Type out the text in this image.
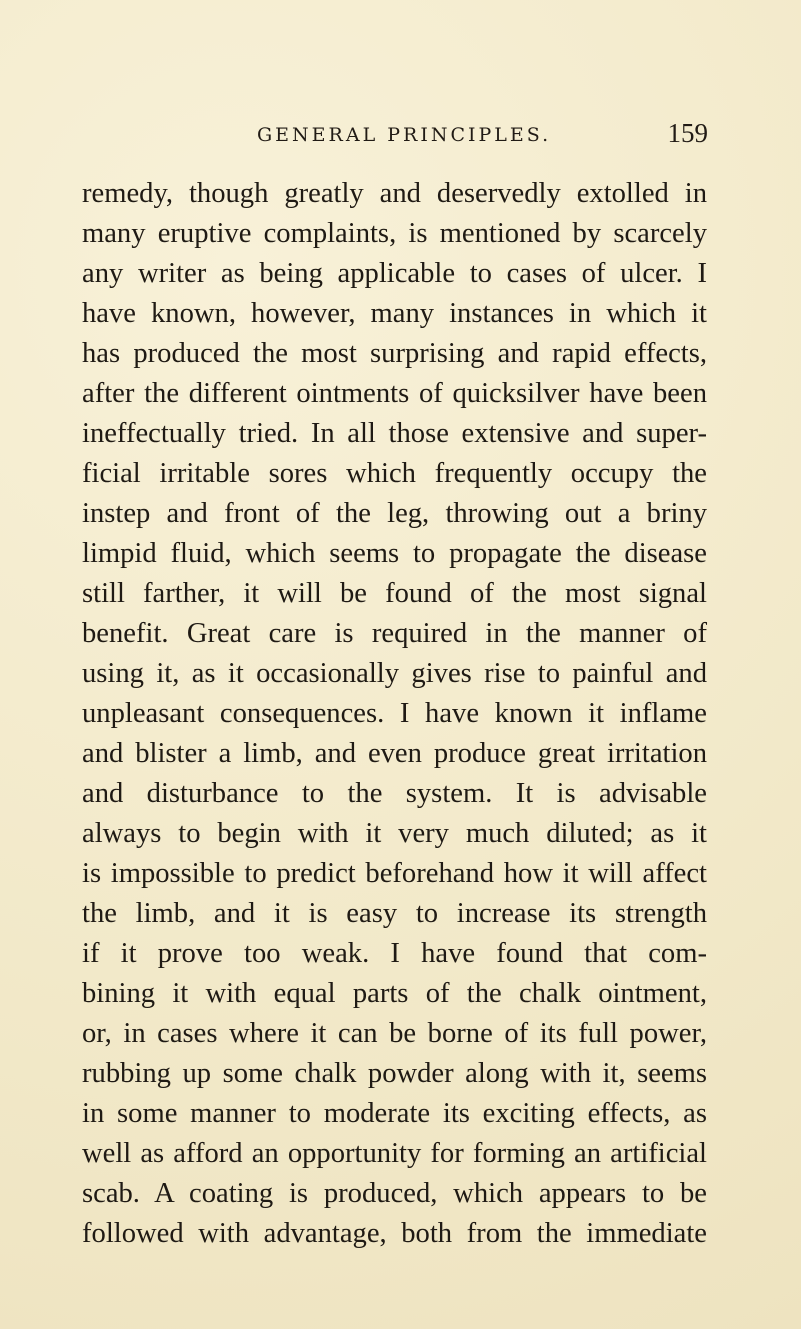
GENERAL PRINCIPLES.	159
remedy, though greatly and deservedly extolled in
many eruptive complaints, is mentioned by scarcely
any writer as being applicable to cases of ulcer. I
have known, however, many instances in which it
has produced the most surprising and rapid effects,
after the different ointments of quicksilver have been
ineffectually tried. In all those extensive and super-
ficial irritable sores which frequently occupy the
instep and front of the leg, throwing out a briny
limpid fluid, which seems to propagate the disease
still farther, it will be found of the most signal
benefit. Great care is required in the manner of
using it, as it occasionally gives rise to painful and
unpleasant consequences. I have known it inflame
and blister a limb, and even produce great irritation
and disturbance to the system. It is advisable
always to begin with it very much diluted; as it
is impossible to predict beforehand how it will affect
the limb, and it is easy to increase its strength
if it prove too weak. I have found that com-
bining it with equal parts of the chalk ointment,
or, in cases where it can be borne of its full power,
rubbing up some chalk powder along with it, seems
in some manner to moderate its exciting effects, as
well as afford an opportunity for forming an artificial
scab. A coating is produced, which appears to be
followed with advantage, both from the immediate
